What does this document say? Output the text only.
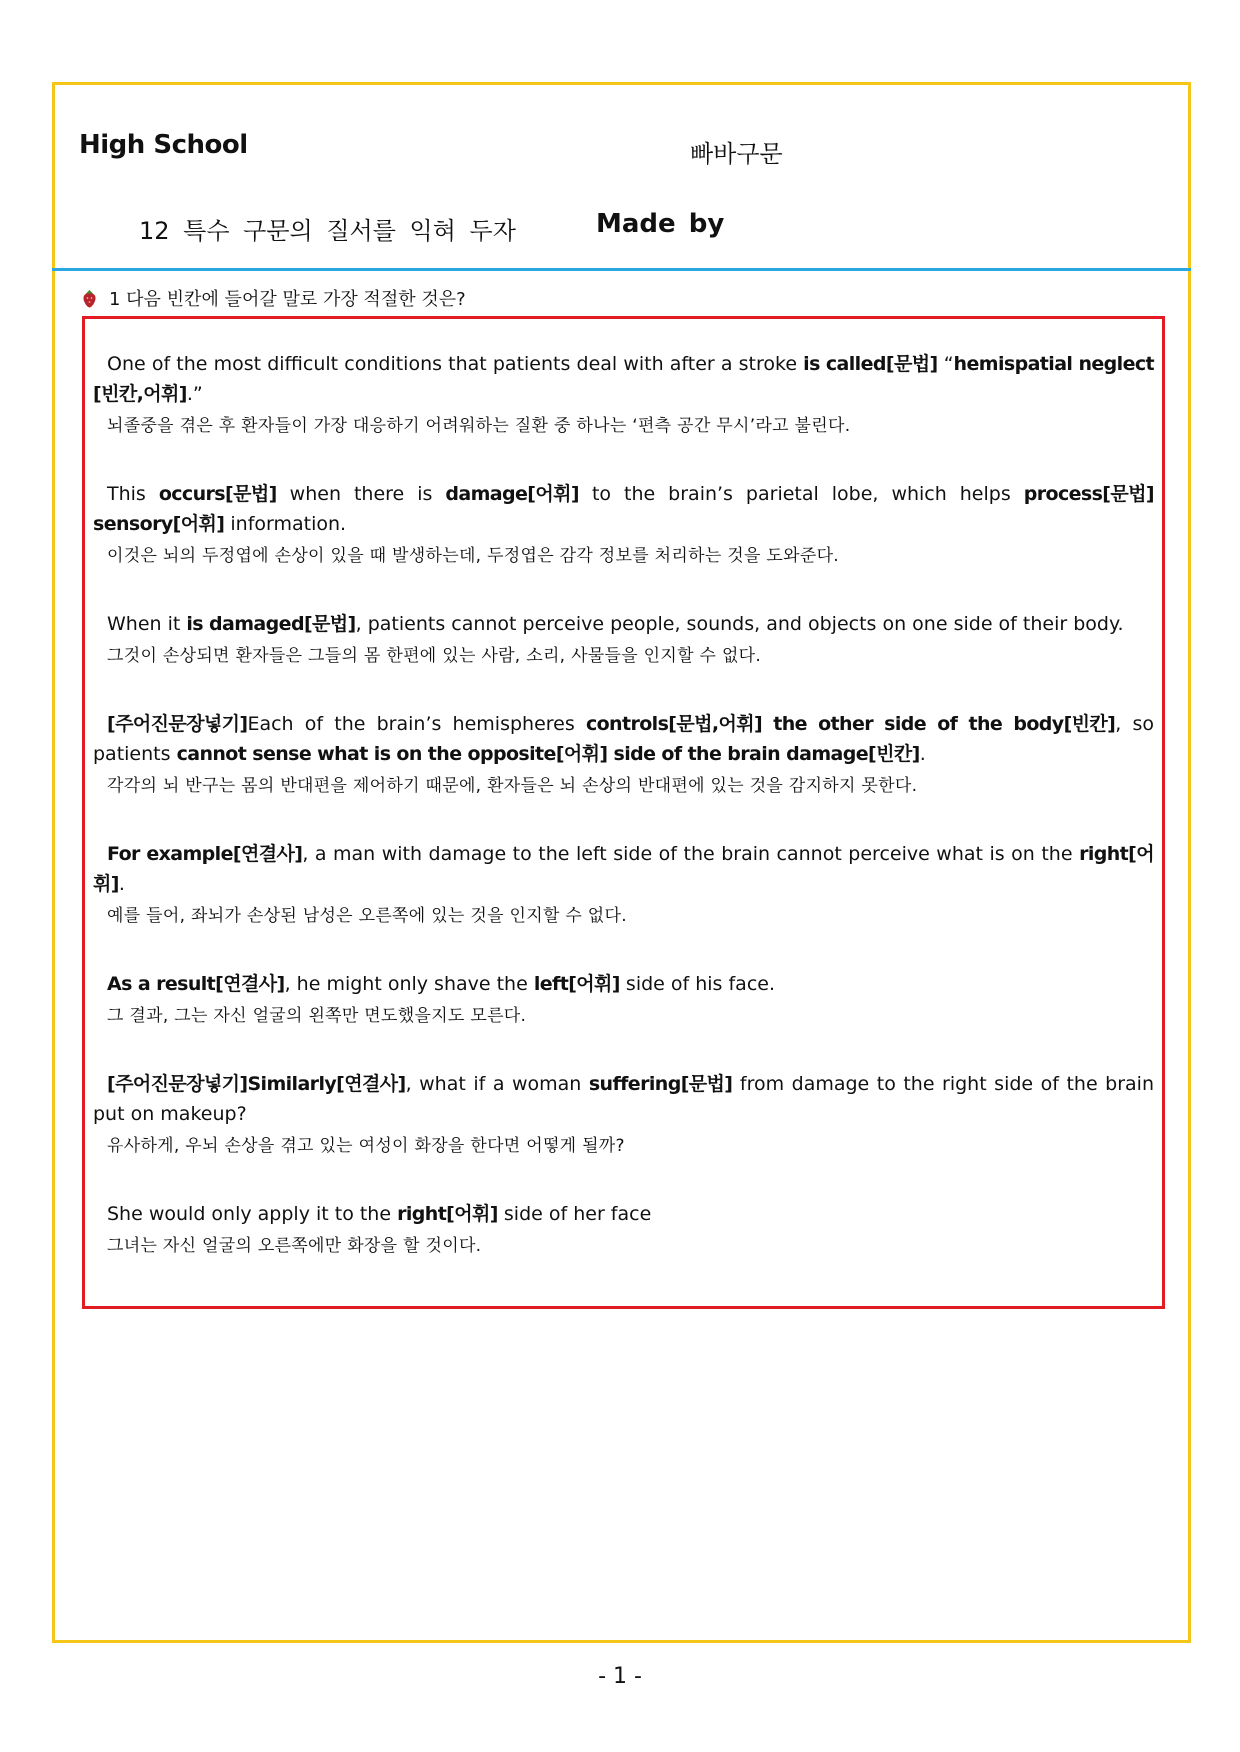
High School	빠바구문
12 특수 구문의 질서를 익혀 두자	Made by
1 다음 빈칸에 들어갈 말로 가장 적절한 것은?

One of the most difficult conditions that patients deal with after a stroke is called[문법] “hemispatial neglect [빈칸,어휘].”

뇌졸중을 겪은 후 환자들이 가장 대응하기 어려워하는 질환 중 하나는 ‘편측 공간 무시’라고 불린다.

This occurs[문법] when there is damage[어휘] to the brain’s parietal lobe, which helps process[문법] sensory[어휘] information.

이것은 뇌의 두정엽에 손상이 있을 때 발생하는데, 두정엽은 감각 정보를 처리하는 것을 도와준다.

When it is damaged[문법], patients cannot perceive people, sounds, and objects on one side of their body.

그것이 손상되면 환자들은 그들의 몸 한편에 있는 사람, 소리, 사물들을 인지할 수 없다.

[주어진문장넣기]Each of the brain’s hemispheres controls[문법,어휘] the other side of the body[빈칸], so patients cannot sense what is on the opposite[어휘] side of the brain damage[빈칸].

각각의 뇌 반구는 몸의 반대편을 제어하기 때문에, 환자들은 뇌 손상의 반대편에 있는 것을 감지하지 못한다.

For example[연결사], a man with damage to the left side of the brain cannot perceive what is on the right[어휘].

예를 들어, 좌뇌가 손상된 남성은 오른쪽에 있는 것을 인지할 수 없다.

As a result[연결사], he might only shave the left[어휘] side of his face.

그 결과, 그는 자신 얼굴의 왼쪽만 면도했을지도 모른다.

[주어진문장넣기]Similarly[연결사], what if a woman suffering[문법] from damage to the right side of the brain put on makeup?

유사하게, 우뇌 손상을 겪고 있는 여성이 화장을 한다면 어떻게 될까?

She would only apply it to the right[어휘] side of her face

그녀는 자신 얼굴의 오른쪽에만 화장을 할 것이다.

- 1 -
